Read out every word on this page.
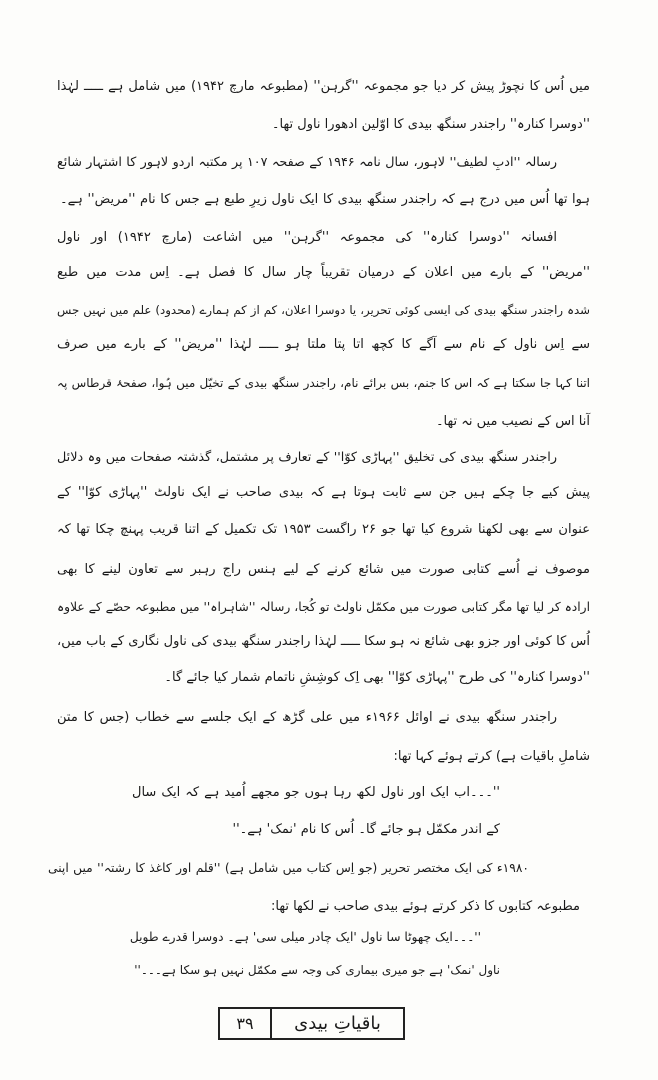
میں اُس کا نچوڑ پیش کر دیا جو مجموعہ ''گرہن'' (مطبوعہ مارچ ۱۹۴۲) میں شامل ہے ـــــ لہٰذا
''دوسرا کنارہ'' راجندر سنگھ بیدی کا اوّلین ادھورا ناول تھا۔
رسالہ ''ادبِ لطیف'' لاہور، سال نامہ ۱۹۴۶ کے صفحہ ۱۰۷ پر مکتبہ اردو لاہور کا اشتہار شائع
ہوا تھا اُس میں درج ہے کہ راجندر سنگھ بیدی کا ایک ناول زیرِ طبع ہے جس کا نام ''مریض'' ہے۔
افسانہ ''دوسرا کنارہ'' کی مجموعہ ''گرہن'' میں اشاعت (مارچ ۱۹۴۲) اور ناول
''مریض'' کے بارے میں اعلان کے درمیان تقریباً چار سال کا فصل ہے۔ اِس مدت میں طبع
شدہ راجندر سنگھ بیدی کی ایسی کوئی تحریر، یا دوسرا اعلان، کم از کم ہمارے (محدود) علم میں نہیں جس
سے اِس ناول کے نام سے آگے کا کچھ اتا پتا ملتا ہو ـــــ لہٰذا ''مریض'' کے بارے میں صرف
اتنا کہا جا سکتا ہے کہ اس کا جنم، بس برائے نام، راجندر سنگھ بیدی کے تخیّل میں ہُوا، صفحۂ قرطاس پہ
آنا اس کے نصیب میں نہ تھا۔
راجندر سنگھ بیدی کی تخلیق ''پہاڑی کوّا'' کے تعارف پر مشتمل، گذشتہ صفحات میں وہ دلائل
پیش کیے جا چکے ہیں جن سے ثابت ہوتا ہے کہ بیدی صاحب نے ایک ناولٹ ''پہاڑی کوّا'' کے
عنوان سے بھی لکھنا شروع کیا تھا جو ۲۶ راگست ۱۹۵۳ تک تکمیل کے اتنا قریب پہنچ چکا تھا کہ
موصوف نے اُسے کتابی صورت میں شائع کرنے کے لیے ہنس راج رہبر سے تعاون لینے کا بھی
ارادہ کر لیا تھا مگر کتابی صورت میں مکمّل ناولٹ تو کُجا، رسالہ ''شاہراہ'' میں مطبوعہ حصّے کے علاوہ
اُس کا کوئی اور جزو بھی شائع نہ ہو سکا ـــــ لہٰذا راجندر سنگھ بیدی کی ناول نگاری کے باب میں،
''دوسرا کنارہ'' کی طرح ''پہاڑی کوّا'' بھی اِک کوشِشِ ناتمام شمار کیا جائے گا۔
راجندر سنگھ بیدی نے اوائل ۱۹۶۶ء میں علی گڑھ کے ایک جلسے سے خطاب (جس کا متن
شاملِ باقیات ہے) کرتے ہوئے کہا تھا:
''۔۔۔اب ایک اور ناول لکھ رہا ہوں جو مجھے اُمید ہے کہ ایک سال
کے اندر مکمّل ہو جائے گا۔ اُس کا نام 'نمک' ہے۔''
۱۹۸۰ء کی ایک مختصر تحریر (جو اِس کتاب میں شامل ہے) ''قلم اور کاغذ کا رشتہ'' میں اپنی
مطبوعہ کتابوں کا ذکر کرتے ہوئے بیدی صاحب نے لکھا تھا:
''۔۔۔ایک چھوٹا سا ناول 'ایک چادر میلی سی' ہے۔ دوسرا قدرے طویل
ناول 'نمک' ہے جو میری بیماری کی وجہ سے مکمّل نہیں ہو سکا ہے۔۔۔''
۳۹	باقیاتِ بیدی
